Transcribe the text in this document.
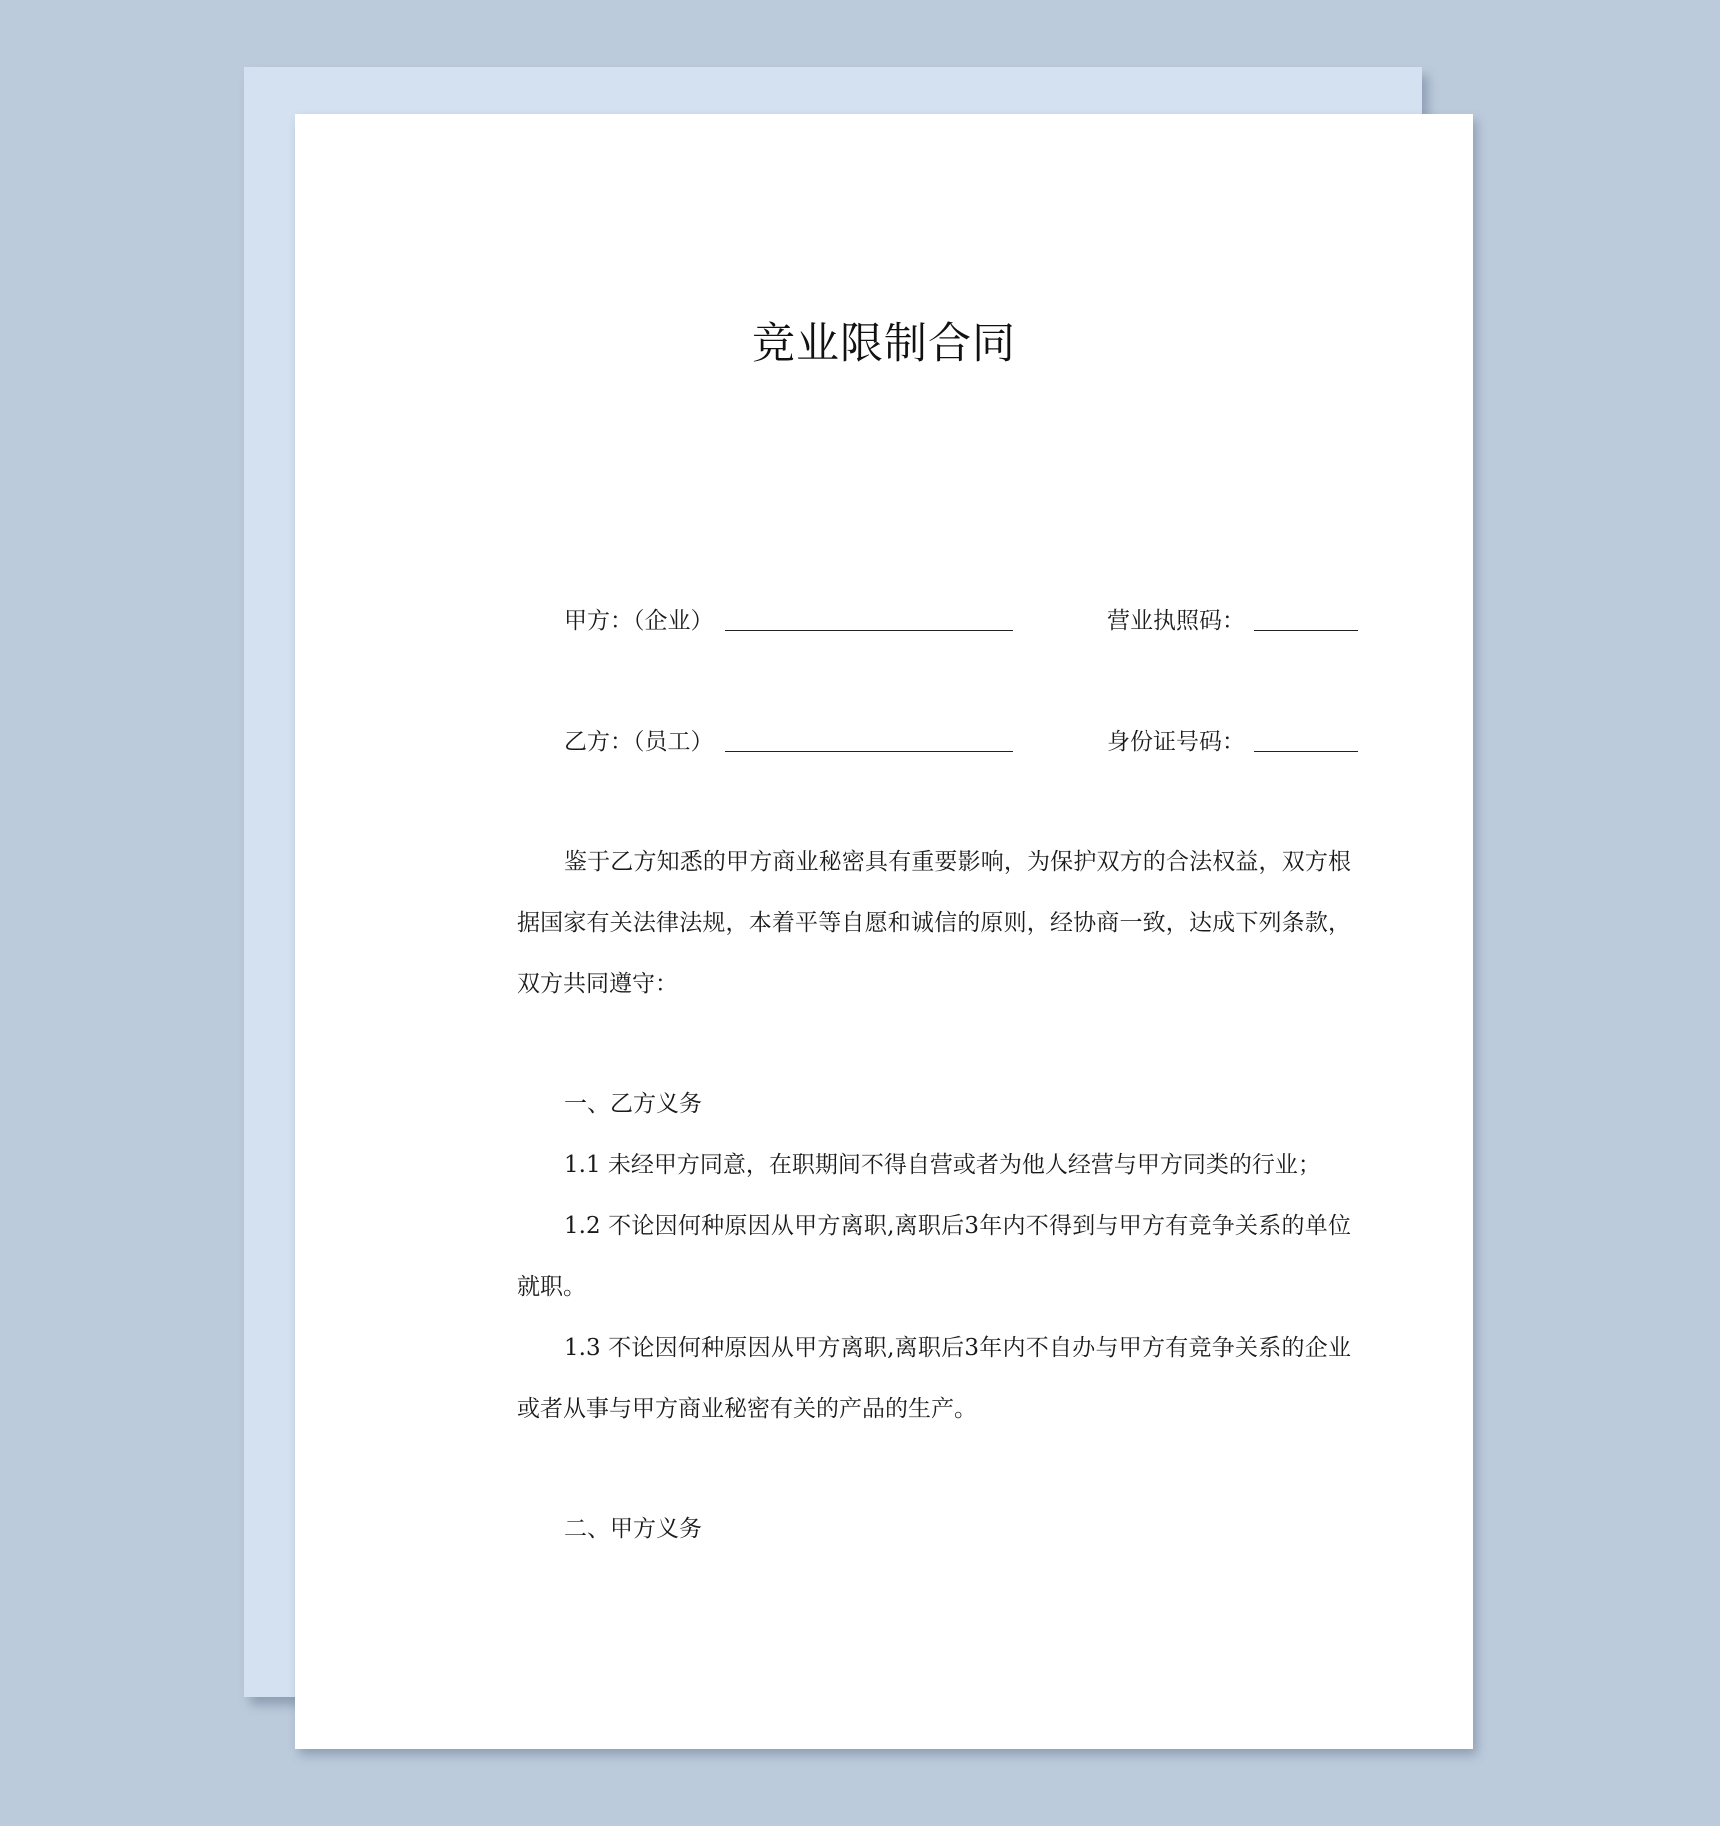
竞业限制合同
甲方：（企业）	营业执照码：
乙方：（员工）	身份证号码：

鉴于乙方知悉的甲方商业秘密具有重要影响，为保护双方的合法权益，双方根据国家有关法律法规，本着平等自愿和诚信的原则，经协商一致，达成下列条款，双方共同遵守：

一、乙方义务

1.1 未经甲方同意，在职期间不得自营或者为他人经营与甲方同类的行业；

1.2 不论因何种原因从甲方离职,离职后3年内不得到与甲方有竞争关系的单位就职。

1.3 不论因何种原因从甲方离职,离职后3年内不自办与甲方有竞争关系的企业或者从事与甲方商业秘密有关的产品的生产。

二、甲方义务
